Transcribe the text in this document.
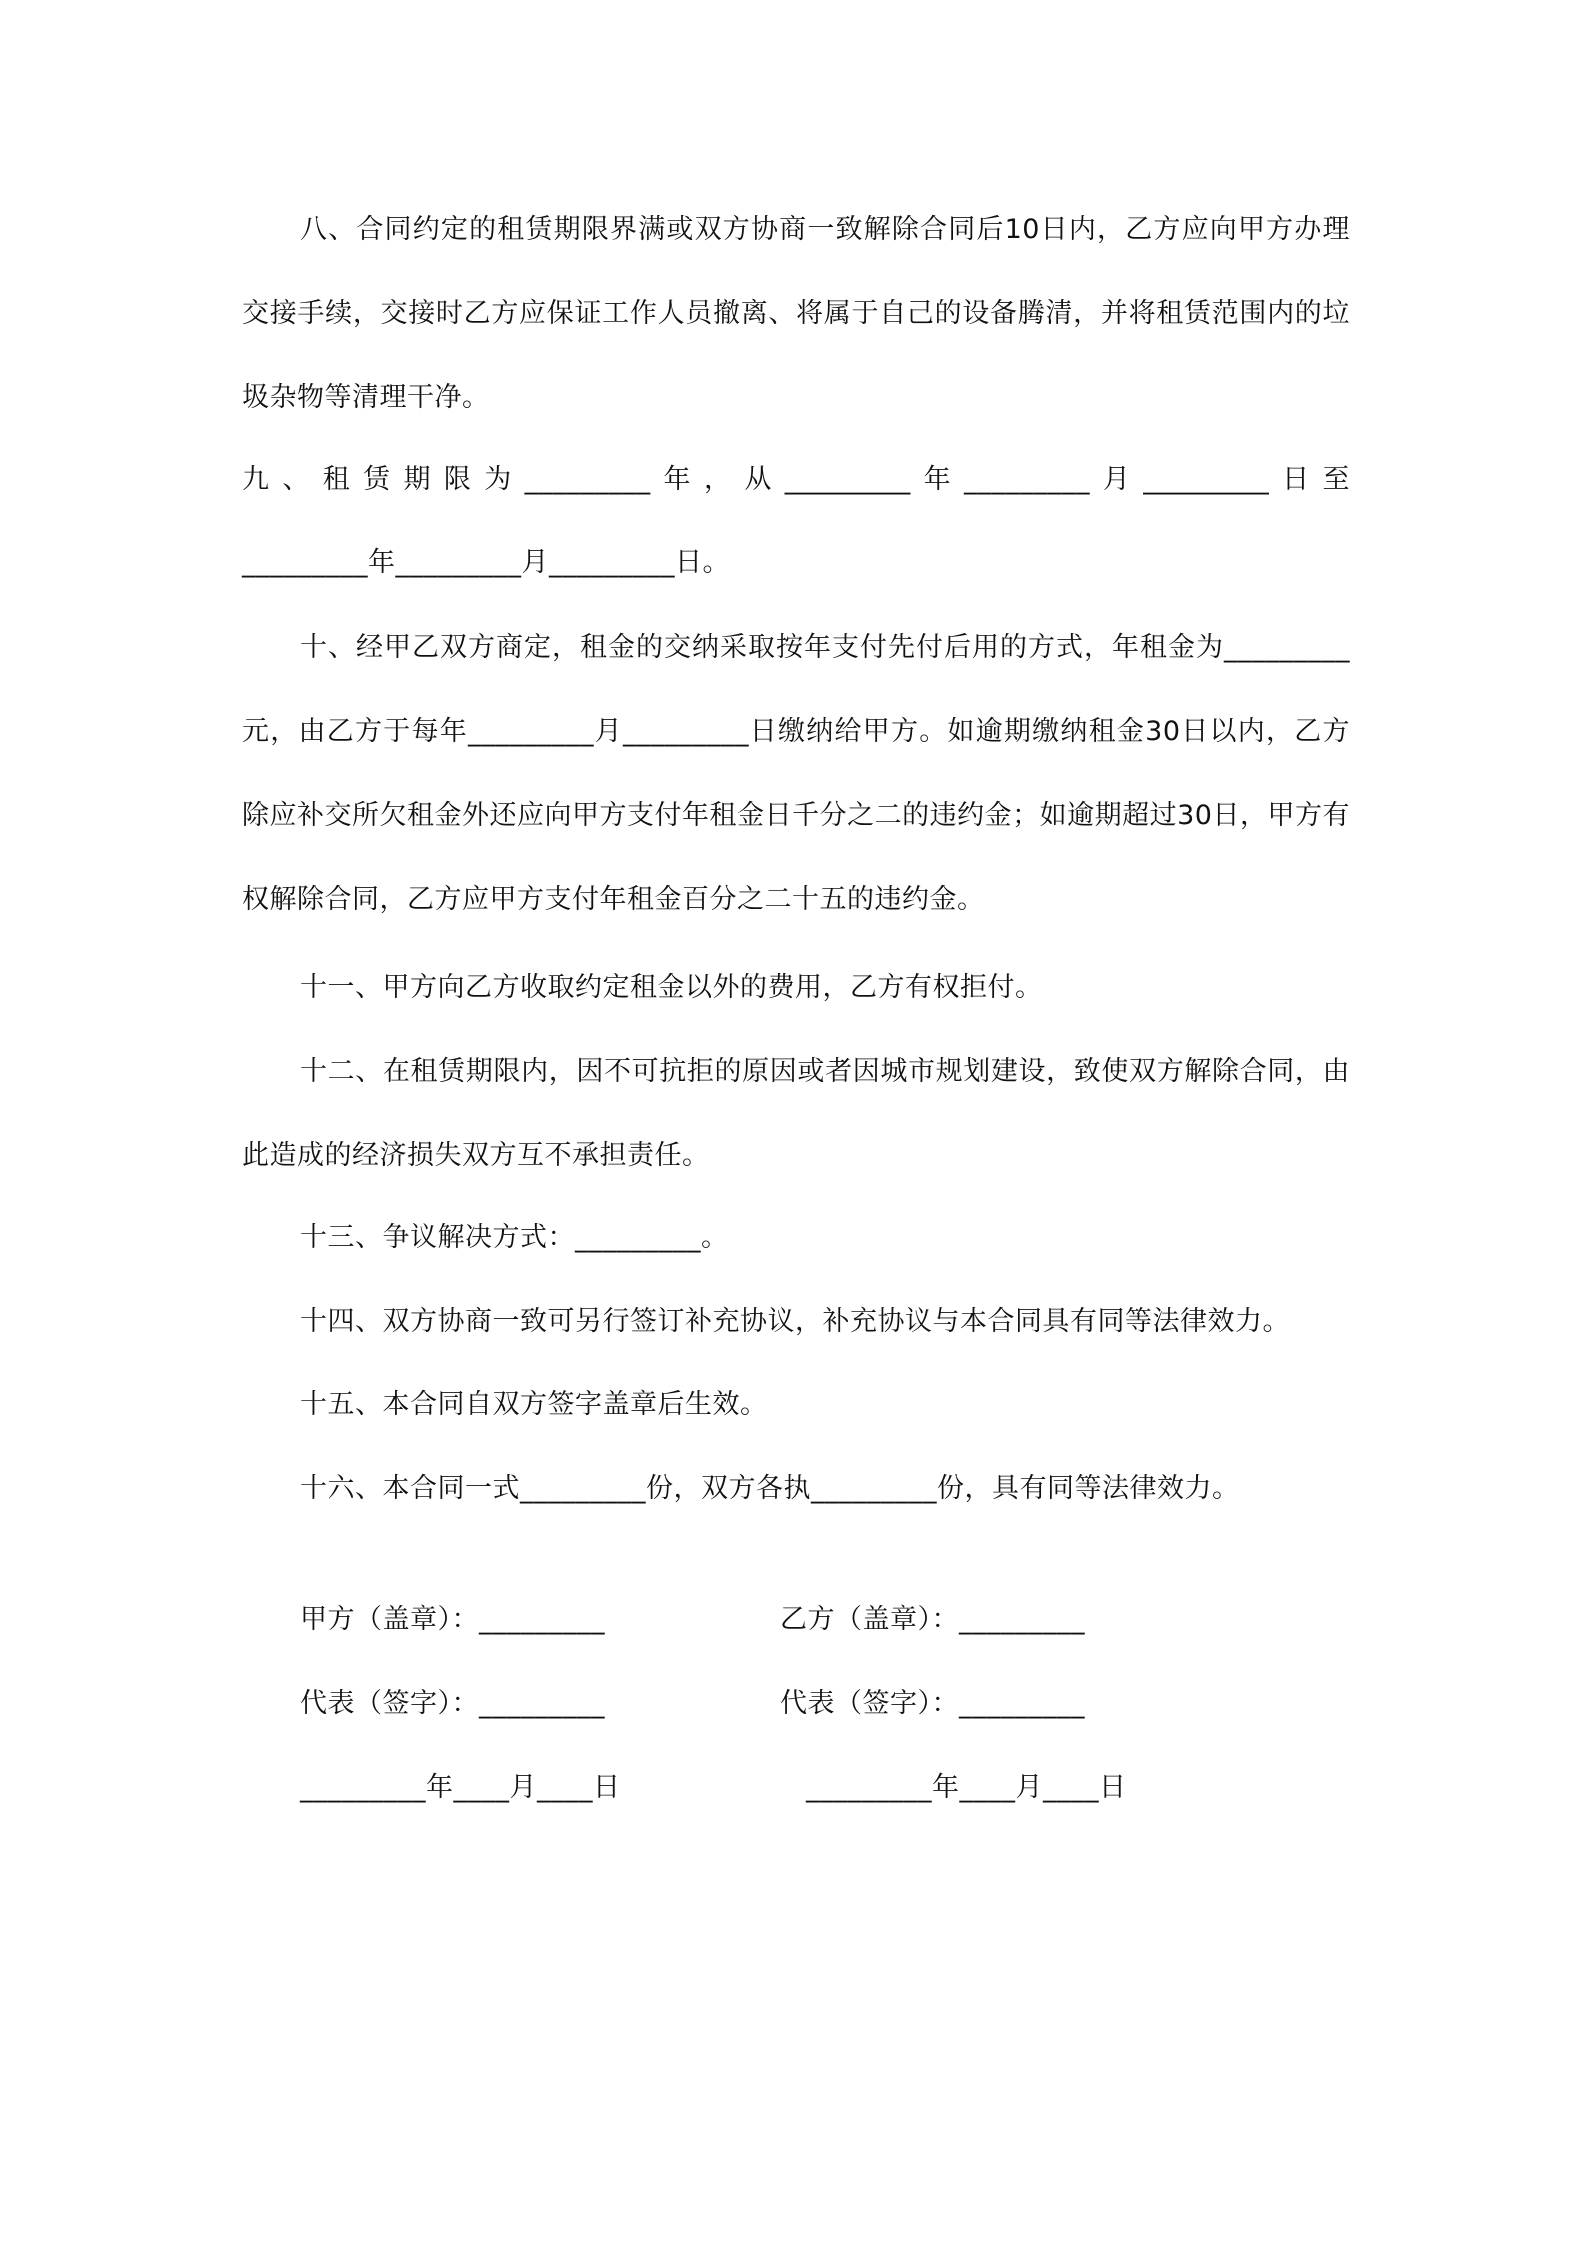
八、合同约定的租赁期限界满或双方协商一致解除合同后10日内，乙方应向甲方办理交接手续，交接时乙方应保证工作人员撤离、将属于自己的设备腾清，并将租赁范围内的垃圾杂物等清理干净。

九、租赁期限为_________年，从_________年_________月_________日至

_________年_________月_________日。

十、经甲乙双方商定，租金的交纳采取按年支付先付后用的方式，年租金为_________元，由乙方于每年_________月_________日缴纳给甲方。如逾期缴纳租金30日以内，乙方除应补交所欠租金外还应向甲方支付年租金日千分之二的违约金；如逾期超过30日，甲方有权解除合同，乙方应甲方支付年租金百分之二十五的违约金。

十一、甲方向乙方收取约定租金以外的费用，乙方有权拒付。

十二、在租赁期限内，因不可抗拒的原因或者因城市规划建设，致使双方解除合同，由此造成的经济损失双方互不承担责任。

十三、争议解决方式：_________。

十四、双方协商一致可另行签订补充协议，补充协议与本合同具有同等法律效力。

十五、本合同自双方签字盖章后生效。

十六、本合同一式_________份，双方各执_________份，具有同等法律效力。

甲方（盖章）：_________	乙方（盖章）：_________

代表（签字）：_________	代表（签字）：_________

_________年____月____日	_________年____月____日
